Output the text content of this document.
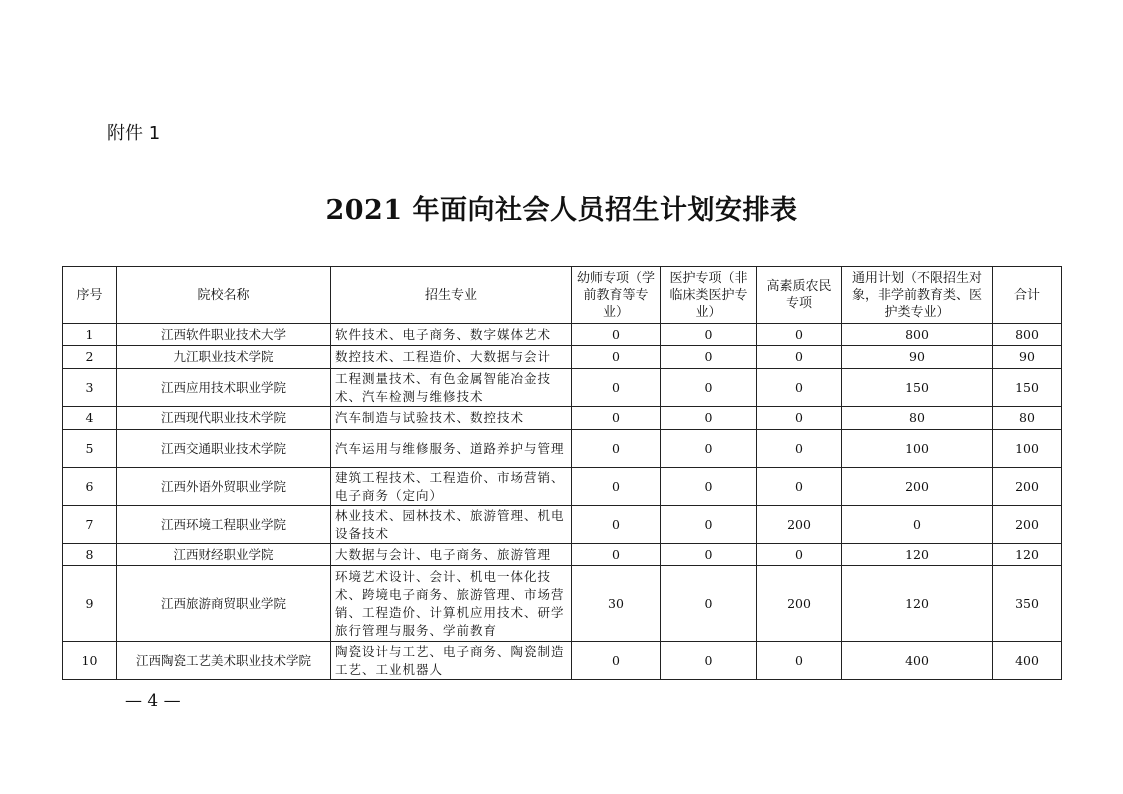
附件 1
2021 年面向社会人员招生计划安排表
序号	院校名称	招生专业	幼师专项（学前教育等专业）	医护专项（非临床类医护专业）	高素质农民专项	通用计划（不限招生对象，非学前教育类、医护类专业）	合计
1	江西软件职业技术大学	软件技术、电子商务、数字媒体艺术	0	0	0	800	800
2	九江职业技术学院	数控技术、工程造价、大数据与会计	0	0	0	90	90
3	江西应用技术职业学院	工程测量技术、有色金属智能冶金技术、汽车检测与维修技术	0	0	0	150	150
4	江西现代职业技术学院	汽车制造与试验技术、数控技术	0	0	0	80	80
5	江西交通职业技术学院	汽车运用与维修服务、道路养护与管理	0	0	0	100	100
6	江西外语外贸职业学院	建筑工程技术、工程造价、市场营销、电子商务（定向）	0	0	0	200	200
7	江西环境工程职业学院	林业技术、园林技术、旅游管理、机电设备技术	0	0	200	0	200
8	江西财经职业学院	大数据与会计、电子商务、旅游管理	0	0	0	120	120
9	江西旅游商贸职业学院	环境艺术设计、会计、机电一体化技术、跨境电子商务、旅游管理、市场营销、工程造价、计算机应用技术、研学旅行管理与服务、学前教育	30	0	200	120	350
10	江西陶瓷工艺美术职业技术学院	陶瓷设计与工艺、电子商务、陶瓷制造工艺、工业机器人	0	0	0	400	400
— 4 —
